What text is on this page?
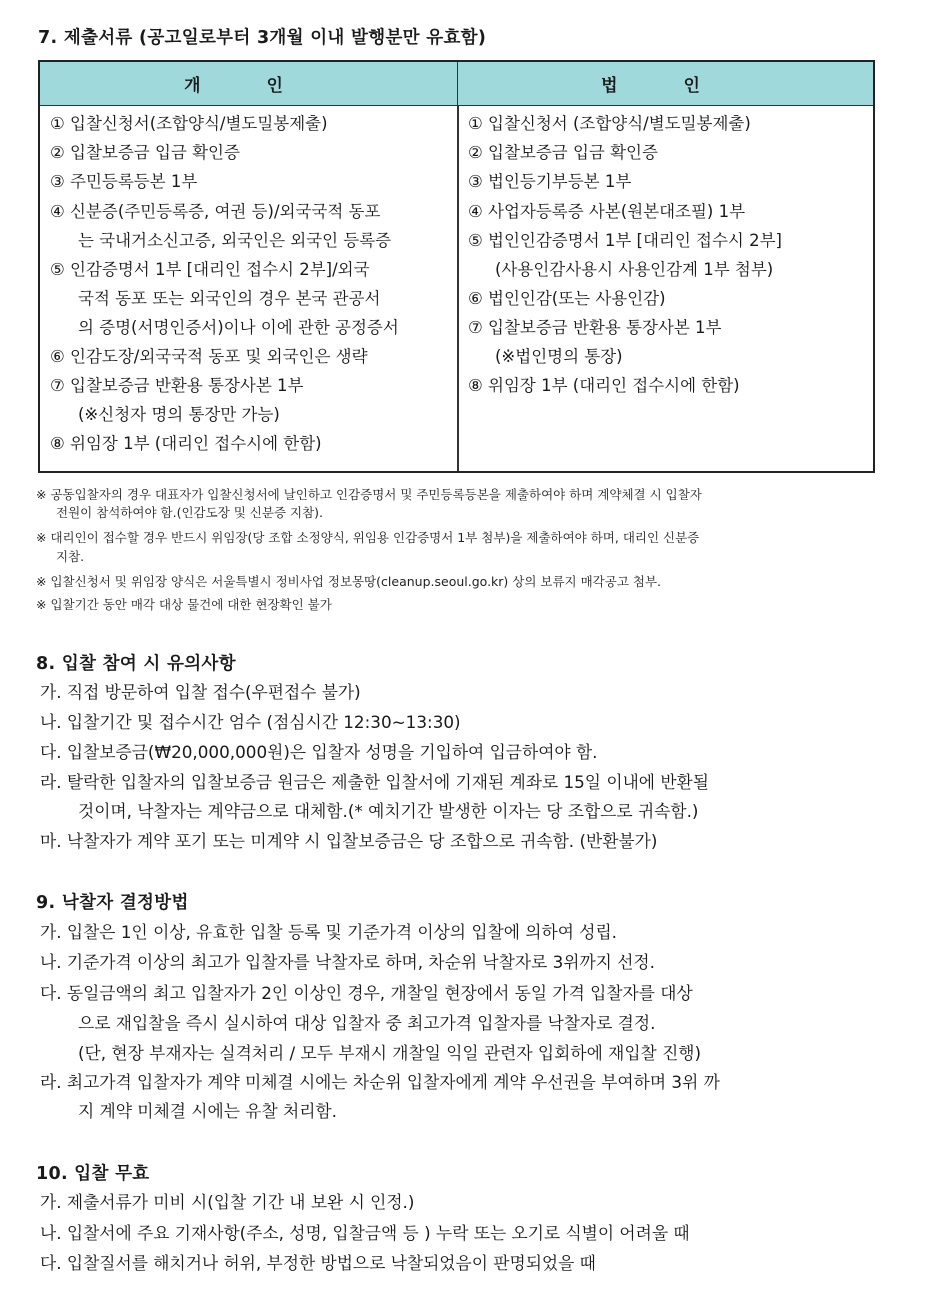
7. 제출서류 (공고일로부터 3개월 이내 발행분만 유효함)
개 인	법 인
① 입찰신청서(조합양식/별도밀봉제출)
② 입찰보증금 입금 확인증
③ 주민등록등본 1부
④ 신분증(주민등록증, 여권 등)/외국국적 동포
는 국내거소신고증, 외국인은 외국인 등록증
⑤ 인감증명서 1부 [대리인 접수시 2부]/외국
국적 동포 또는 외국인의 경우 본국 관공서
의 증명(서명인증서)이나 이에 관한 공정증서
⑥ 인감도장/외국국적 동포 및 외국인은 생략
⑦ 입찰보증금 반환용 통장사본 1부
(※신청자 명의 통장만 가능)
⑧ 위임장 1부 (대리인 접수시에 한함)
① 입찰신청서 (조합양식/별도밀봉제출)
② 입찰보증금 입금 확인증
③ 법인등기부등본 1부
④ 사업자등록증 사본(원본대조필) 1부
⑤ 법인인감증명서 1부 [대리인 접수시 2부]
(사용인감사용시 사용인감계 1부 첨부)
⑥ 법인인감(또는 사용인감)
⑦ 입찰보증금 반환용 통장사본 1부
(※법인명의 통장)
⑧ 위임장 1부 (대리인 접수시에 한함)
※ 공동입찰자의 경우 대표자가 입찰신청서에 날인하고 인감증명서 및 주민등록등본을 제출하여야 하며 계약체결 시 입찰자
전원이 참석하여야 함.(인감도장 및 신분증 지참).
※ 대리인이 접수할 경우 반드시 위임장(당 조합 소정양식, 위임용 인감증명서 1부 첨부)을 제출하여야 하며, 대리인 신분증
지참.
※ 입찰신청서 및 위임장 양식은 서울특별시 정비사업 정보몽땅(cleanup.seoul.go.kr) 상의 보류지 매각공고 첨부.
※ 입찰기간 동안 매각 대상 물건에 대한 현장확인 불가
8. 입찰 참여 시 유의사항
가. 직접 방문하여 입찰 접수(우편접수 불가)
나. 입찰기간 및 접수시간 엄수 (점심시간 12:30~13:30)
다. 입찰보증금(₩20,000,000원)은 입찰자 성명을 기입하여 입금하여야 함.
라. 탈락한 입찰자의 입찰보증금 원금은 제출한 입찰서에 기재된 계좌로 15일 이내에 반환될
것이며, 낙찰자는 계약금으로 대체함.(* 예치기간 발생한 이자는 당 조합으로 귀속함.)
마. 낙찰자가 계약 포기 또는 미계약 시 입찰보증금은 당 조합으로 귀속함. (반환불가)
9. 낙찰자 결정방법
가. 입찰은 1인 이상, 유효한 입찰 등록 및 기준가격 이상의 입찰에 의하여 성립.
나. 기준가격 이상의 최고가 입찰자를 낙찰자로 하며, 차순위 낙찰자로 3위까지 선정.
다. 동일금액의 최고 입찰자가 2인 이상인 경우, 개찰일 현장에서 동일 가격 입찰자를 대상
으로 재입찰을 즉시 실시하여 대상 입찰자 중 최고가격 입찰자를 낙찰자로 결정.
(단, 현장 부재자는 실격처리 / 모두 부재시 개찰일 익일 관련자 입회하에 재입찰 진행)
라. 최고가격 입찰자가 계약 미체결 시에는 차순위 입찰자에게 계약 우선권을 부여하며 3위 까
지 계약 미체결 시에는 유찰 처리함.
10. 입찰 무효
가. 제출서류가 미비 시(입찰 기간 내 보완 시 인정.)
나. 입찰서에 주요 기재사항(주소, 성명, 입찰금액 등 ) 누락 또는 오기로 식별이 어려울 때
다. 입찰질서를 해치거나 허위, 부정한 방법으로 낙찰되었음이 판명되었을 때
